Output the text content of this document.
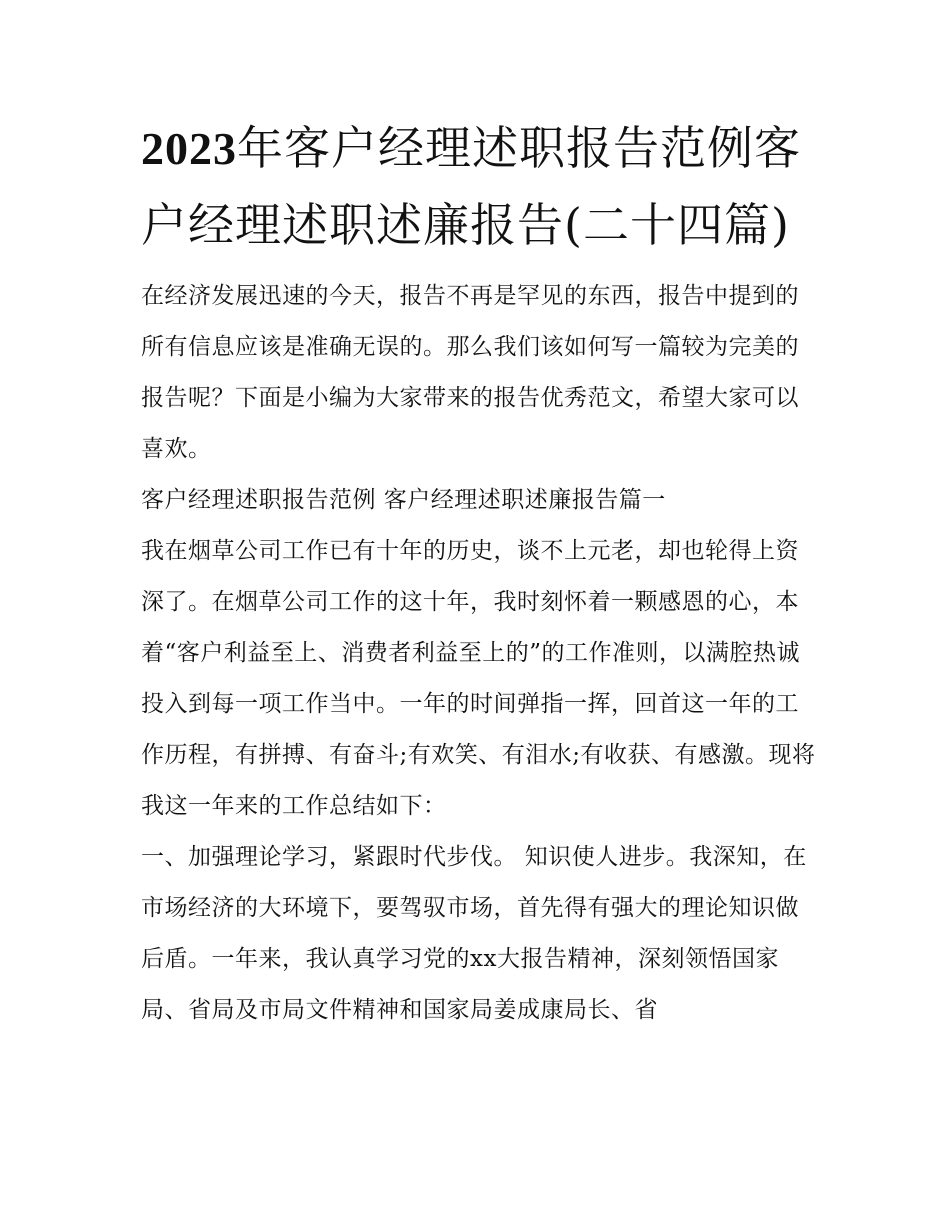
2023年客户经理述职报告范例客户经理述职述廉报告(二十四篇)

在经济发展迅速的今天，报告不再是罕见的东西，报告中提到的所有信息应该是准确无误的。那么我们该如何写一篇较为完美的报告呢？下面是小编为大家带来的报告优秀范文，希望大家可以喜欢。

客户经理述职报告范例 客户经理述职述廉报告篇一

我在烟草公司工作已有十年的历史，谈不上元老，却也轮得上资深了。在烟草公司工作的这十年，我时刻怀着一颗感恩的心，本着“客户利益至上、消费者利益至上的”的工作准则，以满腔热诚投入到每一项工作当中。一年的时间弹指一挥，回首这一年的工作历程，有拼搏、有奋斗;有欢笑、有泪水;有收获、有感激。现将我这一年来的工作总结如下：

一、加强理论学习，紧跟时代步伐。 知识使人进步。我深知，在市场经济的大环境下，要驾驭市场，首先得有强大的理论知识做后盾。一年来，我认真学习党的xx大报告精神，深刻领悟国家局、省局及市局文件精神和国家局姜成康局长、省
